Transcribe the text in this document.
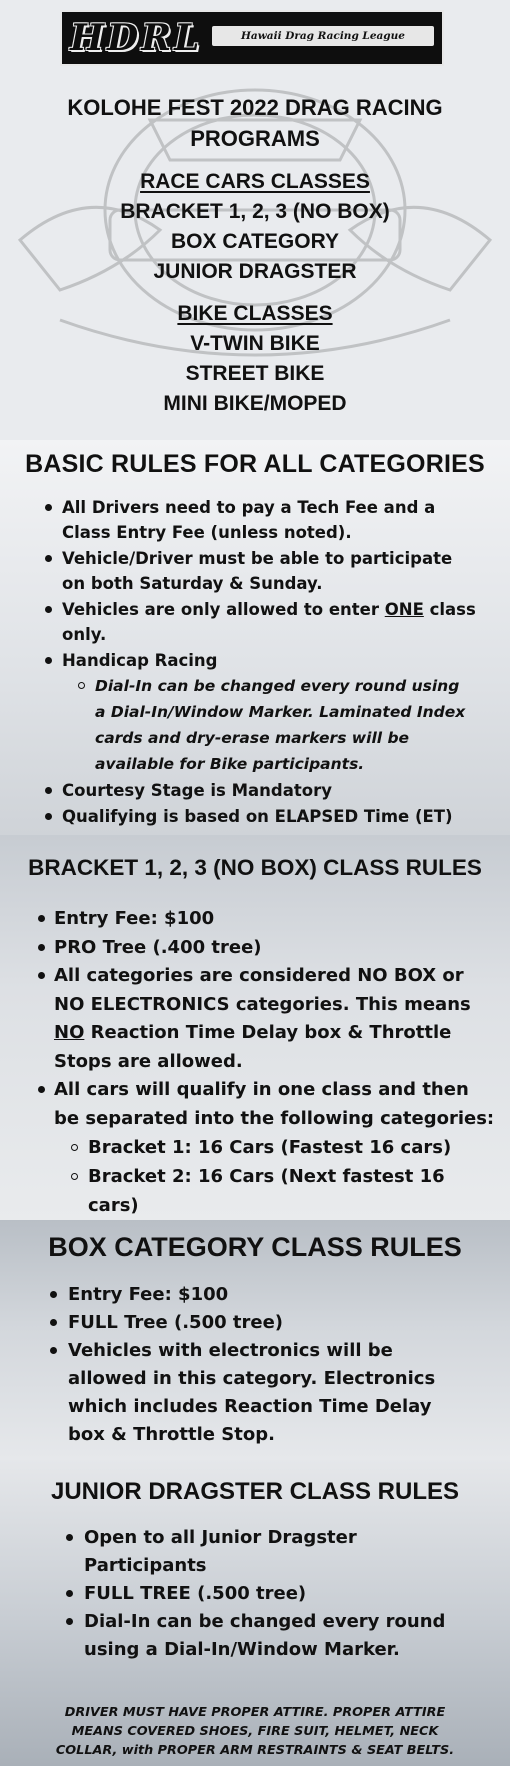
HDRL	Hawaii Drag Racing League

KOLOHE FEST 2022 DRAG RACING

PROGRAMS

RACE CARS CLASSES

BRACKET 1, 2, 3 (NO BOX)

BOX CATEGORY

JUNIOR DRAGSTER

BIKE CLASSES

V-TWIN BIKE

STREET BIKE

MINI BIKE/MOPED

BASIC RULES FOR ALL CATEGORIES
All Drivers need to pay a Tech Fee and a Class Entry Fee (unless noted).
Vehicle/Driver must be able to participate on both Saturday & Sunday.
Vehicles are only allowed to enter ONE class only.
Handicap Racing
Dial-In can be changed every round using a Dial-In/Window Marker. Laminated Index cards and dry-erase markers will be available for Bike participants.
Courtesy Stage is Mandatory
Qualifying is based on ELAPSED Time (ET)
BRACKET 1, 2, 3 (NO BOX) CLASS RULES
Entry Fee: $100
PRO Tree (.400 tree)
All categories are considered NO BOX or NO ELECTRONICS categories. This means
NO Reaction Time Delay box & Throttle Stops are allowed.
All cars will qualify in one class and then be separated into the following categories:
Bracket 1: 16 Cars (Fastest 16 cars)
Bracket 2: 16 Cars (Next fastest 16 cars)
BOX CATEGORY CLASS RULES
Entry Fee: $100
FULL Tree (.500 tree)
Vehicles with electronics will be allowed in this category. Electronics which includes Reaction Time Delay box & Throttle Stop.
JUNIOR DRAGSTER CLASS RULES
Open to all Junior Dragster Participants
FULL TREE (.500 tree)
Dial-In can be changed every round using a Dial-In/Window Marker.

DRIVER MUST HAVE PROPER ATTIRE. PROPER ATTIRE MEANS COVERED SHOES, FIRE SUIT, HELMET, NECK COLLAR, with PROPER ARM RESTRAINTS & SEAT BELTS.
